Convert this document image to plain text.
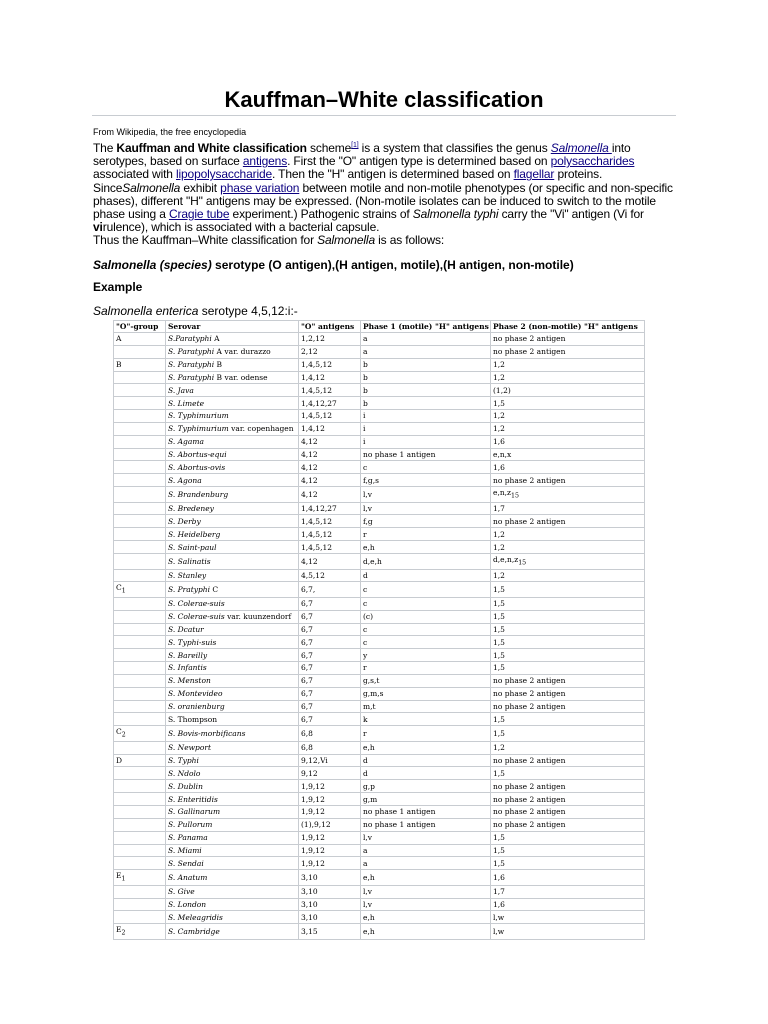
Kauffman–White classification
From Wikipedia, the free encyclopedia
The Kauffman and White classification scheme[1] is a system that classifies the genus Salmonella into serotypes, based on surface antigens. First the "O" antigen type is determined based on polysaccharides associated with lipopolysaccharide. Then the "H" antigen is determined based on flagellar proteins.
SinceSalmonella exhibit phase variation between motile and non-motile phenotypes (or specific and non-specific phases), different "H" antigens may be expressed. (Non-motile isolates can be induced to switch to the motile phase using a Cragie tube experiment.) Pathogenic strains of Salmonella typhi carry the "Vi" antigen (Vi for virulence), which is associated with a bacterial capsule.
Thus the Kauffman–White classification for Salmonella is as follows:
Salmonella (species) serotype (O antigen),(H antigen, motile),(H antigen, non-motile)
Example
Salmonella enterica serotype 4,5,12:i:-
"O"-group	Serovar	"O" antigens	Phase 1 (motile) "H" antigens	Phase 2 (non-motile) "H" antigens
A	S.Paratyphi A	1,2,12	a	no phase 2 antigen
	S. Paratyphi A var. durazzo	2,12	a	no phase 2 antigen
B	S. Paratyphi B	1,4,5,12	b	1,2
	S. Paratyphi B var. odense	1,4,12	b	1,2
	S. Java	1,4,5,12	b	(1,2)
	S. Limete	1,4,12,27	b	1,5
	S. Typhimurium	1,4,5,12	i	1,2
	S. Typhimurium var. copenhagen	1,4,12	i	1,2
	S. Agama	4,12	i	1,6
	S. Abortus-equi	4,12	no phase 1 antigen	e,n,x
	S. Abortus-ovis	4,12	c	1,6
	S. Agona	4,12	f,g,s	no phase 2 antigen
	S. Brandenburg	4,12	l,v	$e,n,z_{15}$
	S. Bredeney	1,4,12,27	l,v	1,7
	S. Derby	1,4,5,12	f,g	no phase 2 antigen
	S. Heidelberg	1,4,5,12	r	1,2
	S. Saint-paul	1,4,5,12	e,h	1,2
	S. Salinatis	4,12	d,e,h	$d,e,n,z_{15}$
	S. Stanley	4,5,12	d	1,2
$C_1$	S. Pratyphi C	6,7,	c	1,5
	S. Colerae-suis	6,7	c	1,5
	S. Colerae-suis var. kuunzendorf	6,7	(c)	1,5
	S. Dcatur	6,7	c	1,5
	S. Typhi-suis	6,7	c	1,5
	S. Bareilly	6,7	y	1,5
	S. Infantis	6,7	r	1,5
	S. Menston	6,7	g,s,t	no phase 2 antigen
	S. Montevideo	6,7	g,m,s	no phase 2 antigen
	S. oranienburg	6,7	m,t	no phase 2 antigen
	S. Thompson	6,7	k	1,5
$C_2$	S. Bovis-morbificans	6,8	r	1,5
	S. Newport	6,8	e,h	1,2
D	S. Typhi	9,12,Vi	d	no phase 2 antigen
	S. Ndolo	9,12	d	1,5
	S. Dublin	1,9,12	g,p	no phase 2 antigen
	S. Enteritidis	1,9,12	g,m	no phase 2 antigen
	S. Gallinarum	1,9,12	no phase 1 antigen	no phase 2 antigen
	S. Pullorum	(1),9,12	no phase 1 antigen	no phase 2 antigen
	S. Panama	1,9,12	l,v	1,5
	S. Miami	1,9,12	a	1,5
	S. Sendai	1,9,12	a	1,5
$E_1$	S. Anatum	3,10	e,h	1,6
	S. Give	3,10	l,v	1,7
	S. London	3,10	l,v	1,6
	S. Meleagridis	3,10	e,h	l,w
$E_2$	S. Cambridge	3,15	e,h	l,w
